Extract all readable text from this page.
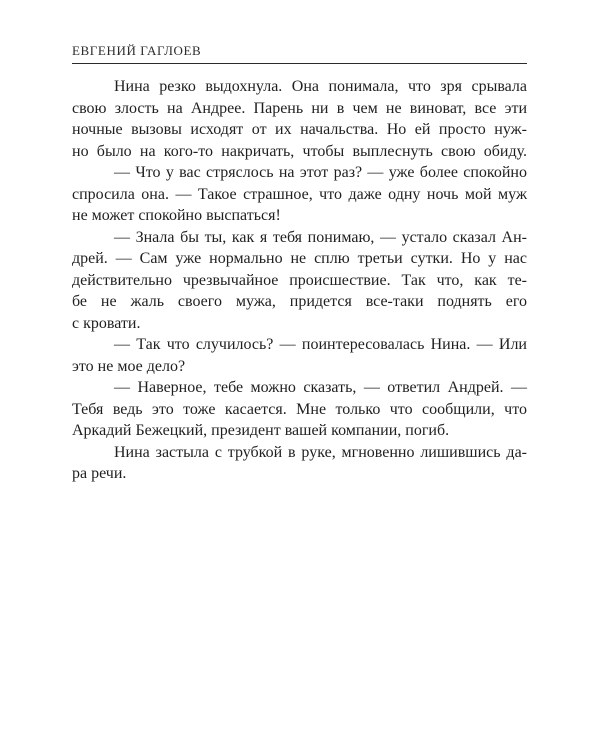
ЕВГЕНИЙ ГАГЛОЕВ
Нина резко выдохнула. Она понимала, что зря срывала
свою злость на Андрее. Парень ни в чем не виноват, все эти
ночные вызовы исходят от их начальства. Но ей просто нуж-
но было на кого-то накричать, чтобы выплеснуть свою обиду.
— Что у вас стряслось на этот раз? — уже более спокойно
спросила она. — Такое страшное, что даже одну ночь мой муж
не может спокойно выспаться!
— Знала бы ты, как я тебя понимаю, — устало сказал Ан-
дрей. — Сам уже нормально не сплю третьи сутки. Но у нас
действительно чрезвычайное происшествие. Так что, как те-
бе не жаль своего мужа, придется все-таки поднять его
с кровати.
— Так что случилось? — поинтересовалась Нина. — Или
это не мое дело?
— Наверное, тебе можно сказать, — ответил Андрей. —
Тебя ведь это тоже касается. Мне только что сообщили, что
Аркадий Бежецкий, президент вашей компании, погиб.
Нина застыла с трубкой в руке, мгновенно лишившись да-
ра речи.
